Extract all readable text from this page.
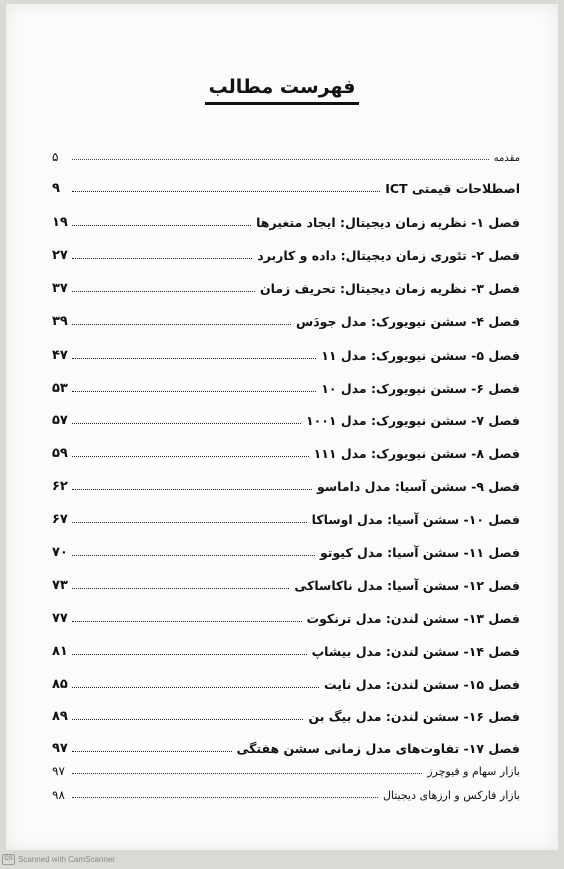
فهرست مطالب
مقدمه
۵
اصطلاحات قیمتی ICT
۹
فصل ۱- نظریه زمان دیجیتال: ایجاد متغیرها
۱۹
فصل ۲- تئوری زمان دیجیتال: داده و کاربرد
۲۷
فصل ۳- نظریه زمان دیجیتال: تحریف زمان
۳۷
فصل ۴- سشن نیویورک: مدل جودَس
۳۹
فصل ۵- سشن نیویورک: مدل ۱۱
۴۷
فصل ۶- سشن نیویورک: مدل ۱۰
۵۳
فصل ۷- سشن نیویورک: مدل ۱۰۰۱
۵۷
فصل ۸- سشن نیویورک: مدل ۱۱۱
۵۹
فصل ۹- سشن آسیا: مدل داماسو
۶۲
فصل ۱۰- سشن آسیا: مدل اوساکا
۶۷
فصل ۱۱- سشن آسیا: مدل کیوتو
۷۰
فصل ۱۲- سشن آسیا: مدل ناکاساکی
۷۳
فصل ۱۳- سشن لندن: مدل ترنکوت
۷۷
فصل ۱۴- سشن لندن: مدل بیشاپ
۸۱
فصل ۱۵- سشن لندن: مدل نایت
۸۵
فصل ۱۶- سشن لندن: مدل بیگ بن
۸۹
فصل ۱۷- تفاوت‌های مدل زمانی سشن هفتگی
۹۷
بازار سهام و فیوچرز
۹۷
بازار فارکس و ارزهای دیجیتال
۹۸
CS Scanned with CamScanner
